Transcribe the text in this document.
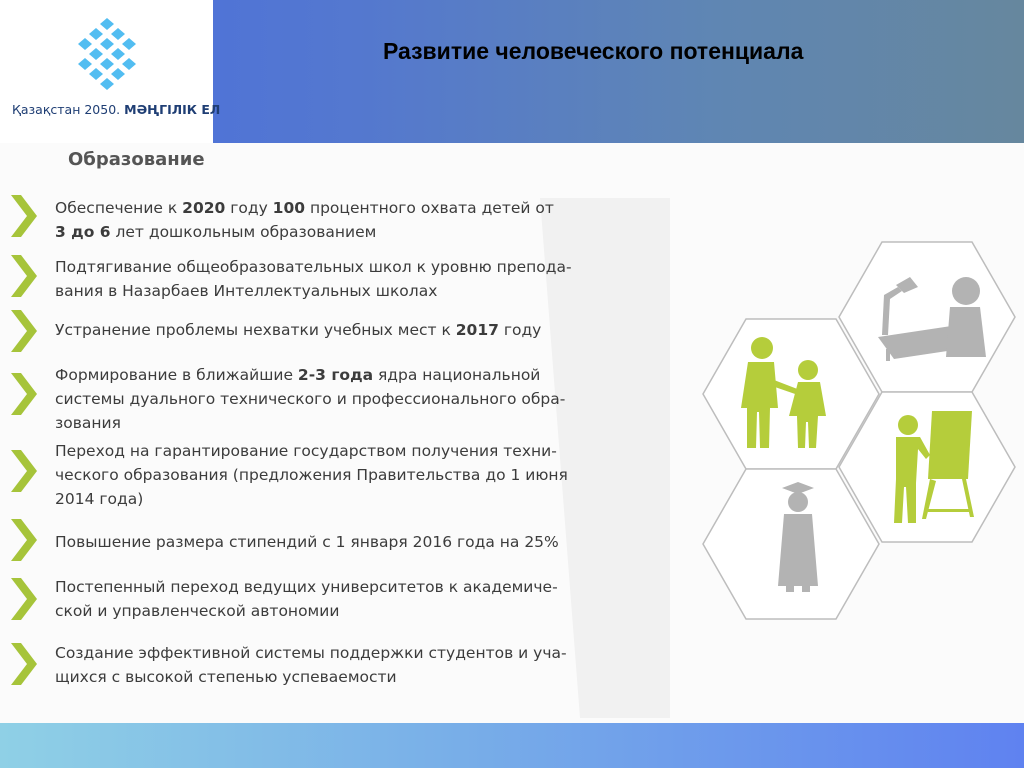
Қазақстан 2050. МӘҢГІЛІК ЕЛ
Развитие человеческого потенциала
Образование
Обеспечение к 2020 году 100 процентного охвата детей от
3 до 6 лет дошкольным образованием
Подтягивание общеобразовательных школ к уровню препода-
вания в Назарбаев Интеллектуальных школах
Устранение проблемы нехватки учебных мест к 2017 году
Формирование в ближайшие 2-3 года ядра национальной
системы дуального технического и профессионального обра-
зования
Переход на гарантирование государством получения техни-
ческого образования (предложения Правительства до 1 июня
2014 года)
Повышение размера стипендий с 1 января 2016 года на 25%
Постепенный переход ведущих университетов к академиче-
ской и управленческой автономии
Создание эффективной системы поддержки студентов и уча-
щихся с высокой степенью успеваемости
